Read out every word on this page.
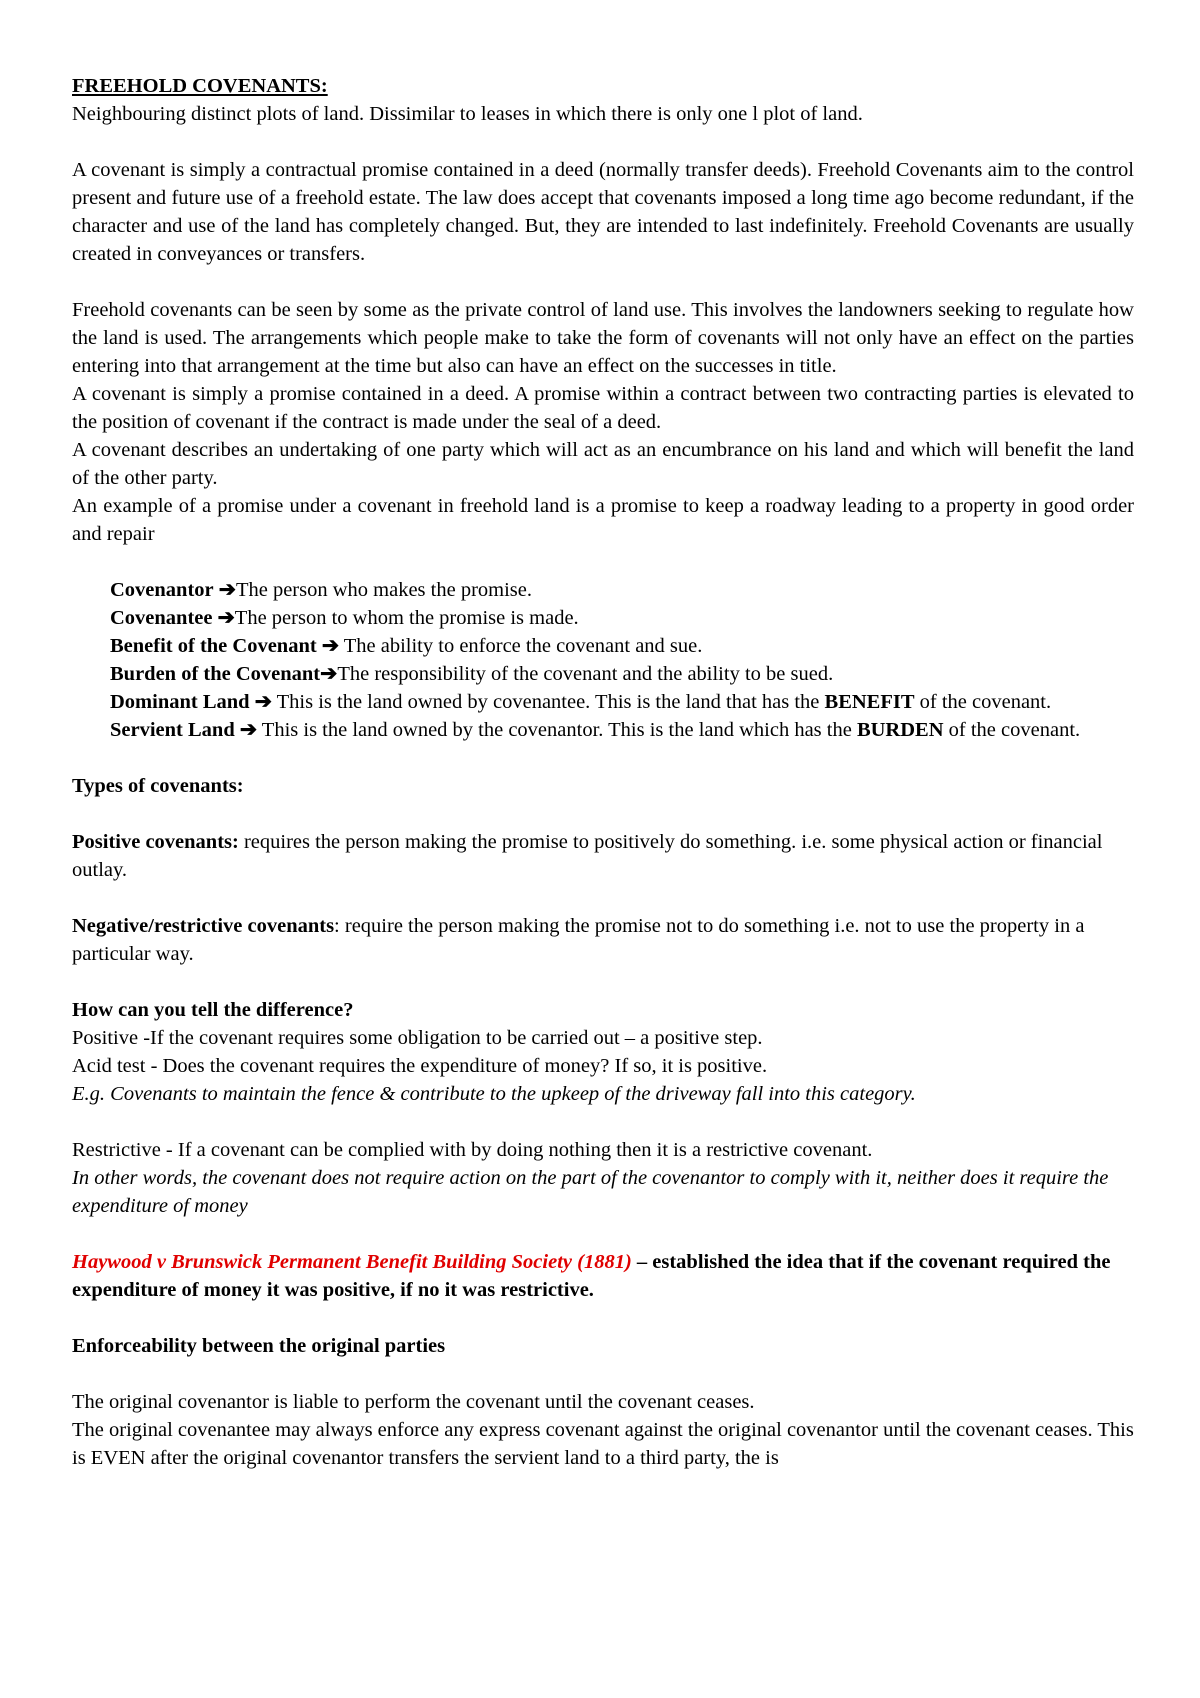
FREEHOLD COVENANTS:

Neighbouring distinct plots of land. Dissimilar to leases in which there is only one l plot of land.

A covenant is simply a contractual promise contained in a deed (normally transfer deeds). Freehold Covenants aim to the control present and future use of a freehold estate. The law does accept that covenants imposed a long time ago become redundant, if the character and use of the land has completely changed. But, they are intended to last indefinitely. Freehold Covenants are usually created in conveyances or transfers.

Freehold covenants can be seen by some as the private control of land use. This involves the landowners seeking to regulate how the land is used. The arrangements which people make to take the form of covenants will not only have an effect on the parties entering into that arrangement at the time but also can have an effect on the successes in title.

A covenant is simply a promise contained in a deed. A promise within a contract between two contracting parties is elevated to the position of covenant if the contract is made under the seal of a deed.

A covenant describes an undertaking of one party which will act as an encumbrance on his land and which will benefit the land of the other party.

An example of a promise under a covenant in freehold land is a promise to keep a roadway leading to a property in good order and repair

Covenantor ➔The person who makes the promise.

Covenantee ➔The person to whom the promise is made.

Benefit of the Covenant ➔ The ability to enforce the covenant and sue.

Burden of the Covenant➔The responsibility of the covenant and the ability to be sued.

Dominant Land ➔ This is the land owned by covenantee. This is the land that has the BENEFIT of the covenant.

Servient Land ➔ This is the land owned by the covenantor. This is the land which has the BURDEN of the covenant.

Types of covenants:

Positive covenants: requires the person making the promise to positively do something. i.e. some physical action or financial outlay.

Negative/restrictive covenants: require the person making the promise not to do something i.e. not to use the property in a particular way.

How can you tell the difference?

Positive -If the covenant requires some obligation to be carried out – a positive step.

Acid test - Does the covenant requires the expenditure of money? If so, it is positive.

E.g. Covenants to maintain the fence & contribute to the upkeep of the driveway fall into this category.

Restrictive - If a covenant can be complied with by doing nothing then it is a restrictive covenant.

In other words, the covenant does not require action on the part of the covenantor to comply with it, neither does it require the expenditure of money

Haywood v Brunswick Permanent Benefit Building Society (1881) – established the idea that if the covenant required the expenditure of money it was positive, if no it was restrictive.

Enforceability between the original parties

The original covenantor is liable to perform the covenant until the covenant ceases.

The original covenantee may always enforce any express covenant against the original covenantor until the covenant ceases. This is EVEN after the original covenantor transfers the servient land to a third party, the is
